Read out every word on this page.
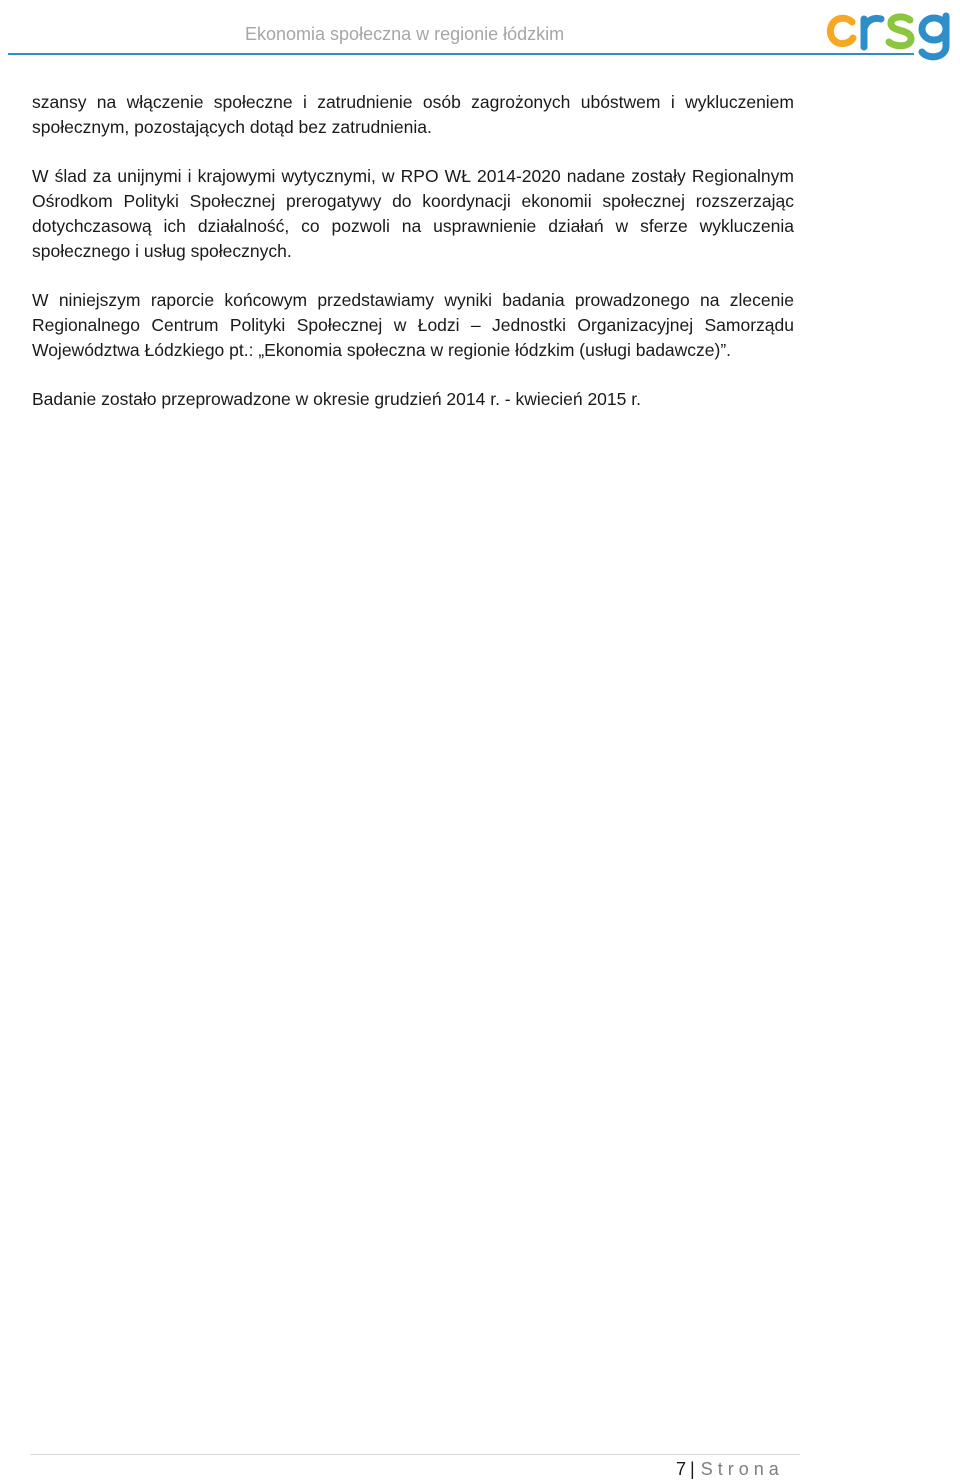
Ekonomia społeczna w regionie łódzkim

szansy na włączenie społeczne i zatrudnienie osób zagrożonych ubóstwem i wykluczeniem społecznym, pozostających dotąd bez zatrudnienia.

W ślad za unijnymi i krajowymi wytycznymi, w RPO WŁ 2014-2020 nadane zostały Regionalnym Ośrodkom Polityki Społecznej prerogatywy do koordynacji ekonomii społecznej rozszerzając dotychczasową ich działalność, co pozwoli na usprawnienie działań w sferze wykluczenia społecznego i usług społecznych.

W niniejszym raporcie końcowym przedstawiamy wyniki badania prowadzonego na zlecenie Regionalnego Centrum Polityki Społecznej w Łodzi – Jednostki Organizacyjnej Samorządu Województwa Łódzkiego pt.: „Ekonomia społeczna w regionie łódzkim (usługi badawcze)”.

Badanie zostało przeprowadzone w okresie grudzień 2014 r. - kwiecień 2015 r.

7 | Strona
